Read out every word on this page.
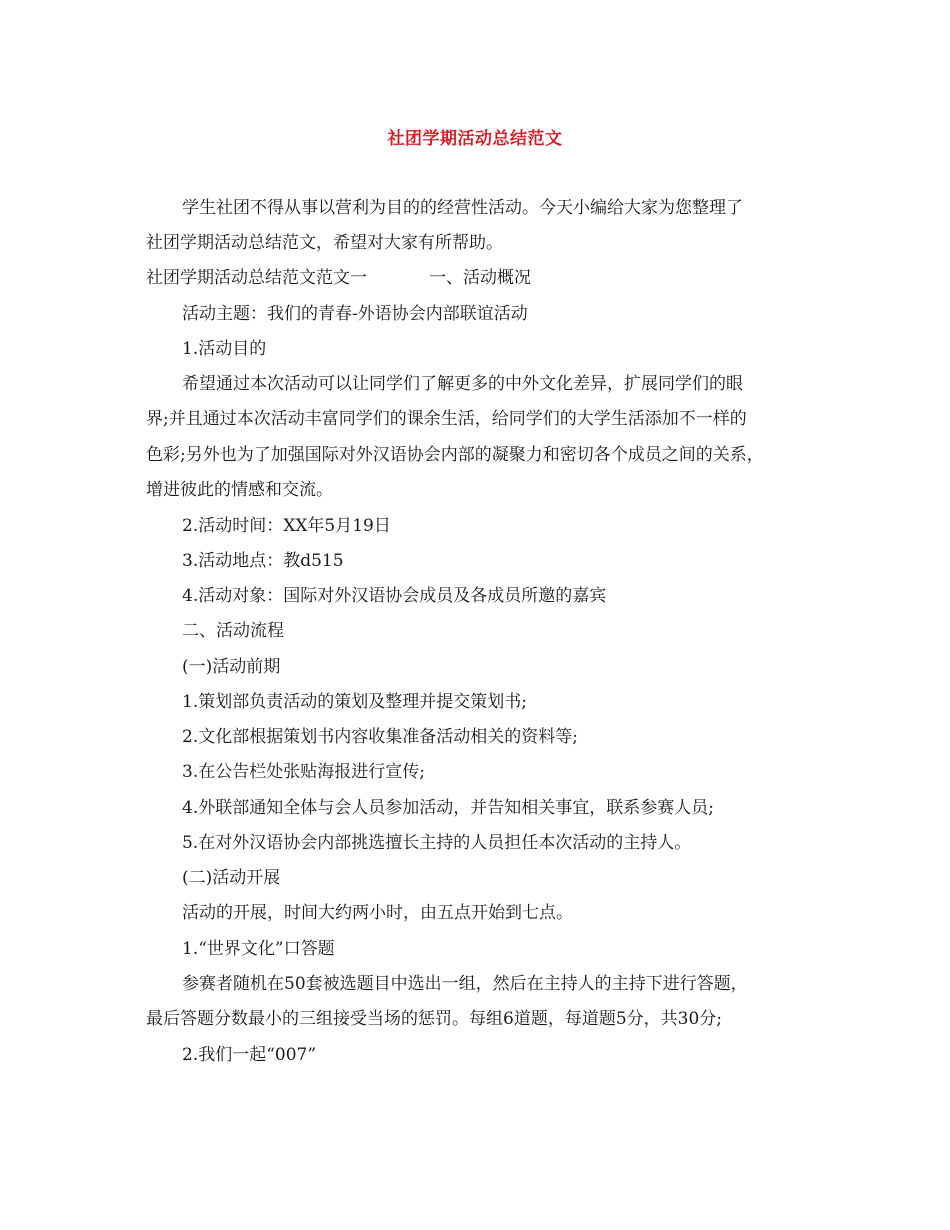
社团学期活动总结范文
学生社团不得从事以营利为目的的经营性活动。今天小编给大家为您整理了
社团学期活动总结范文，希望对大家有所帮助。
社团学期活动总结范文范文一	一、活动概况
活动主题：我们的青春-外语协会内部联谊活动
1.活动目的
希望通过本次活动可以让同学们了解更多的中外文化差异，扩展同学们的眼
界;并且通过本次活动丰富同学们的课余生活，给同学们的大学生活添加不一样的
色彩;另外也为了加强国际对外汉语协会内部的凝聚力和密切各个成员之间的关系，
增进彼此的情感和交流。
2.活动时间：XX年5月19日
3.活动地点：教d515
4.活动对象：国际对外汉语协会成员及各成员所邀的嘉宾
二、活动流程
(一)活动前期
1.策划部负责活动的策划及整理并提交策划书;
2.文化部根据策划书内容收集准备活动相关的资料等;
3.在公告栏处张贴海报进行宣传;
4.外联部通知全体与会人员参加活动，并告知相关事宜，联系参赛人员;
5.在对外汉语协会内部挑选擅长主持的人员担任本次活动的主持人。
(二)活动开展
活动的开展，时间大约两小时，由五点开始到七点。
1.“世界文化”口答题
参赛者随机在50套被选题目中选出一组，然后在主持人的主持下进行答题，
最后答题分数最小的三组接受当场的惩罚。每组6道题，每道题5分，共30分;
2.我们一起“007”
